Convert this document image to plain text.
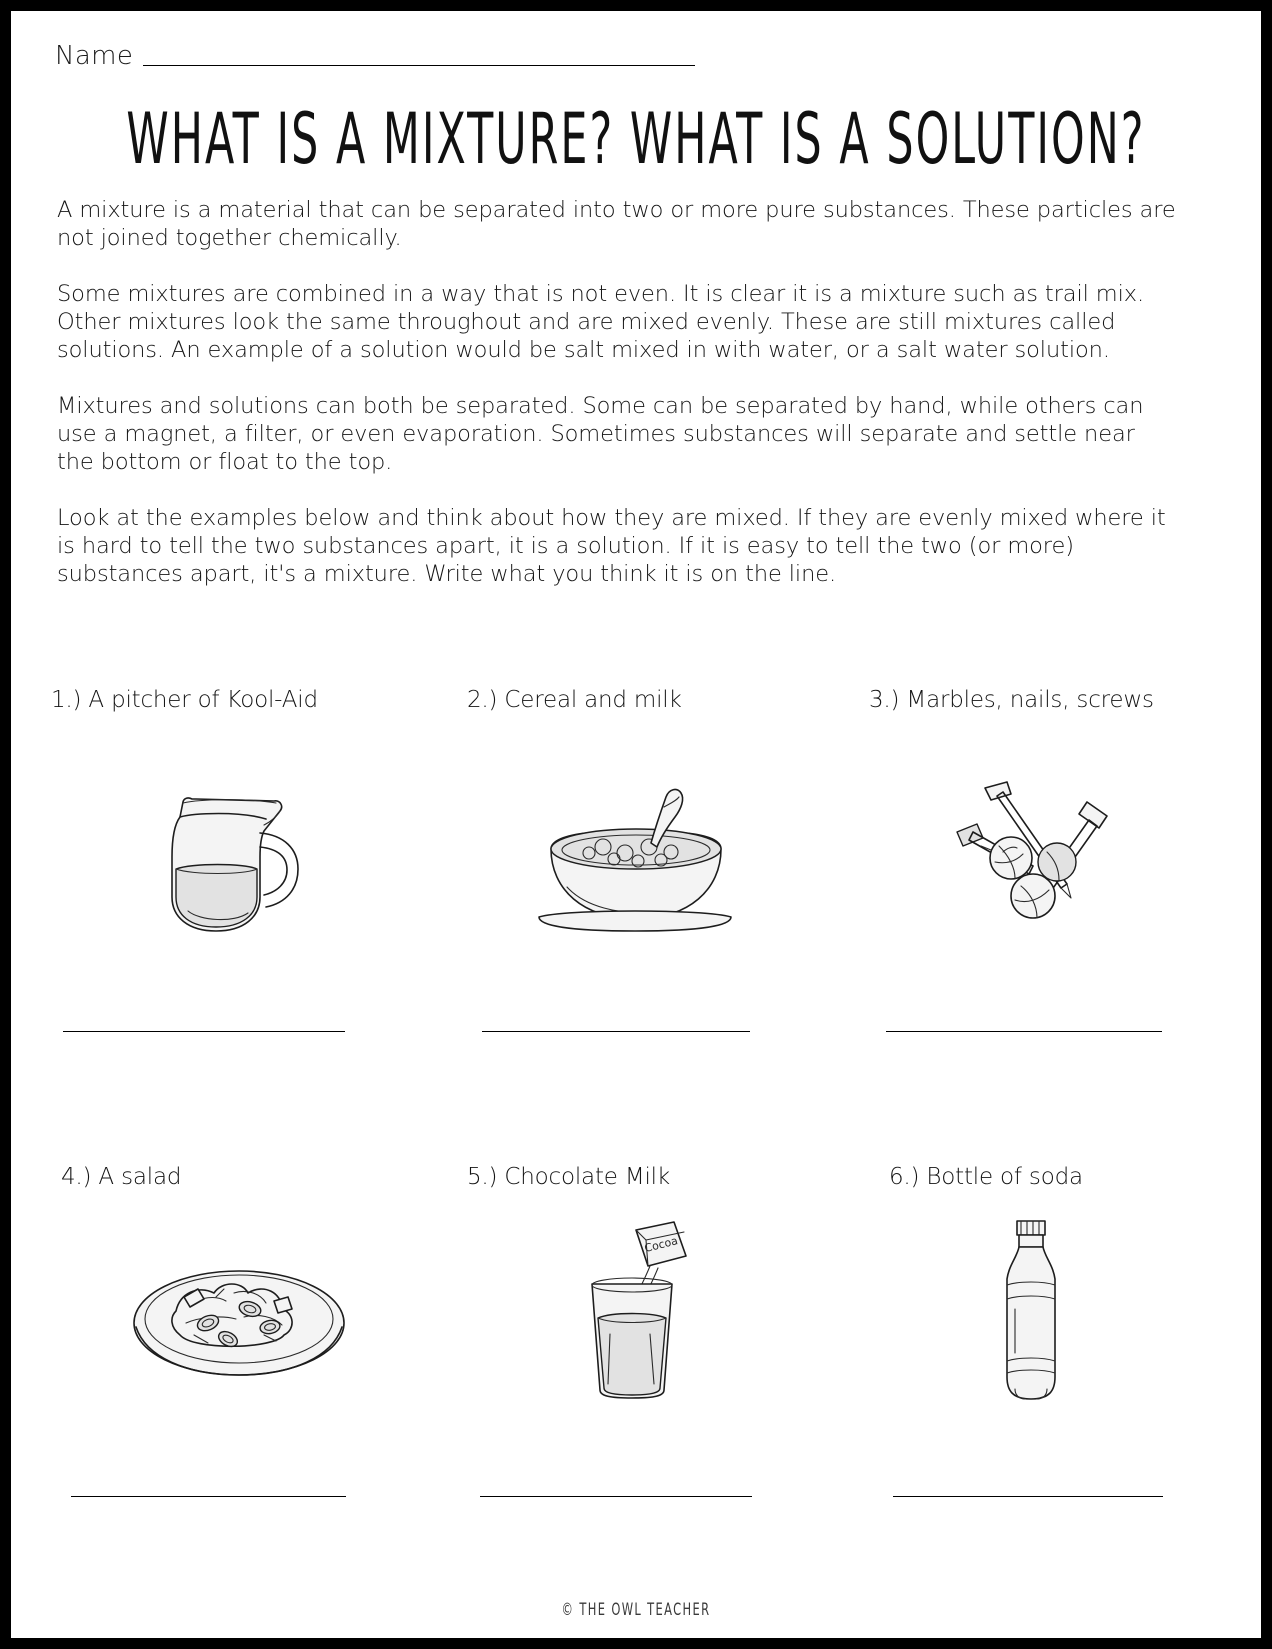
Name
WHAT IS A MIXTURE? WHAT IS A SOLUTION?

A mixture is a material that can be separated into two or more pure substances. These particles are not joined together chemically.

Some mixtures are combined in a way that is not even. It is clear it is a mixture such as trail mix. Other mixtures look the same throughout and are mixed evenly. These are still mixtures called solutions. An example of a solution would be salt mixed in with water, or a salt water solution.

Mixtures and solutions can both be separated. Some can be separated by hand, while others can use a magnet, a filter, or even evaporation. Sometimes substances will separate and settle near the bottom or float to the top.

Look at the examples below and think about how they are mixed. If they are evenly mixed where it is hard to tell the two substances apart, it is a solution. If it is easy to tell the two (or more) substances apart, it's a mixture. Write what you think it is on the line.

1.) A pitcher of Kool-Aid	2.) Cereal and milk	3.) Marbles, nails, screws
4.) A salad	5.) Chocolate Milk
Cocoa
6.) Bottle of soda
© THE OWL TEACHER
